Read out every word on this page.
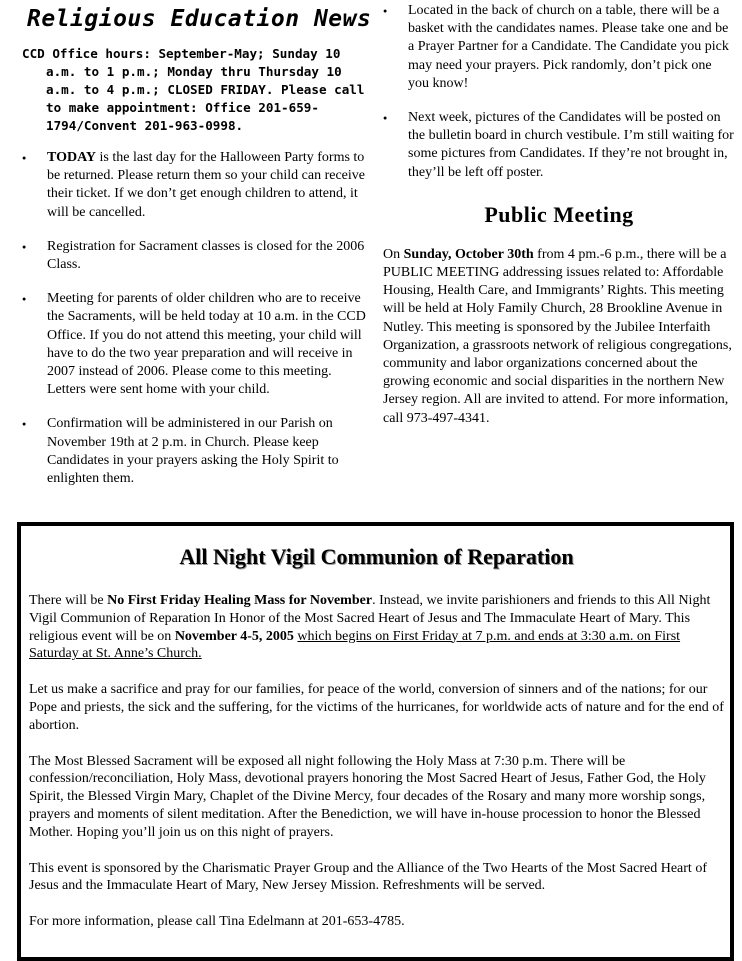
Religious Education News

CCD Office hours: September-May; Sunday 10 a.m. to 1 p.m.; Monday thru Thursday 10 a.m. to 4 p.m.; CLOSED FRIDAY. Please call to make appointment: Office 201-659-1794/Convent 201-963-0998.

● TODAY is the last day for the Halloween Party forms to be returned. Please return them so your child can receive their ticket. If we don’t get enough children to attend, it will be cancelled.
● Registration for Sacrament classes is closed for the 2006 Class.
● Meeting for parents of older children who are to receive the Sacraments, will be held today at 10 a.m. in the CCD Office. If you do not attend this meeting, your child will have to do the two year preparation and will receive in 2007 instead of 2006. Please come to this meeting. Letters were sent home with your child.
● Confirmation will be administered in our Parish on November 19th at 2 p.m. in Church. Please keep Candidates in your prayers asking the Holy Spirit to enlighten them.
● Located in the back of church on a table, there will be a basket with the candidates names. Please take one and be a Prayer Partner for a Candidate. The Candidate you pick may need your prayers. Pick randomly, don’t pick one you know!
● Next week, pictures of the Candidates will be posted on the bulletin board in church vestibule. I’m still waiting for some pictures from Candidates. If they’re not brought in, they’ll be left off poster.
Public Meeting

On Sunday, October 30th from 4 pm.-6 p.m., there will be a PUBLIC MEETING addressing issues related to: Affordable Housing, Health Care, and Immigrants’ Rights. This meeting will be held at Holy Family Church, 28 Brookline Avenue in Nutley. This meeting is sponsored by the Jubilee Interfaith Organization, a grassroots network of religious congregations, community and labor organizations concerned about the growing economic and social disparities in the northern New Jersey region. All are invited to attend. For more information, call 973-497-4341.

All Night Vigil Communion of Reparation

There will be No First Friday Healing Mass for November. Instead, we invite parishioners and friends to this All Night Vigil Communion of Reparation In Honor of the Most Sacred Heart of Jesus and The Immaculate Heart of Mary. This religious event will be on November 4-5, 2005 which begins on First Friday at 7 p.m. and ends at 3:30 a.m. on First Saturday at St. Anne’s Church.

Let us make a sacrifice and pray for our families, for peace of the world, conversion of sinners and of the nations; for our Pope and priests, the sick and the suffering, for the victims of the hurricanes, for worldwide acts of nature and for the end of abortion.

The Most Blessed Sacrament will be exposed all night following the Holy Mass at 7:30 p.m. There will be confession/reconciliation, Holy Mass, devotional prayers honoring the Most Sacred Heart of Jesus, Father God, the Holy Spirit, the Blessed Virgin Mary, Chaplet of the Divine Mercy, four decades of the Rosary and many more worship songs, prayers and moments of silent meditation. After the Benediction, we will have in-house procession to honor the Blessed Mother. Hoping you’ll join us on this night of prayers.

This event is sponsored by the Charismatic Prayer Group and the Alliance of the Two Hearts of the Most Sacred Heart of Jesus and the Immaculate Heart of Mary, New Jersey Mission. Refreshments will be served.

For more information, please call Tina Edelmann at 201-653-4785.
